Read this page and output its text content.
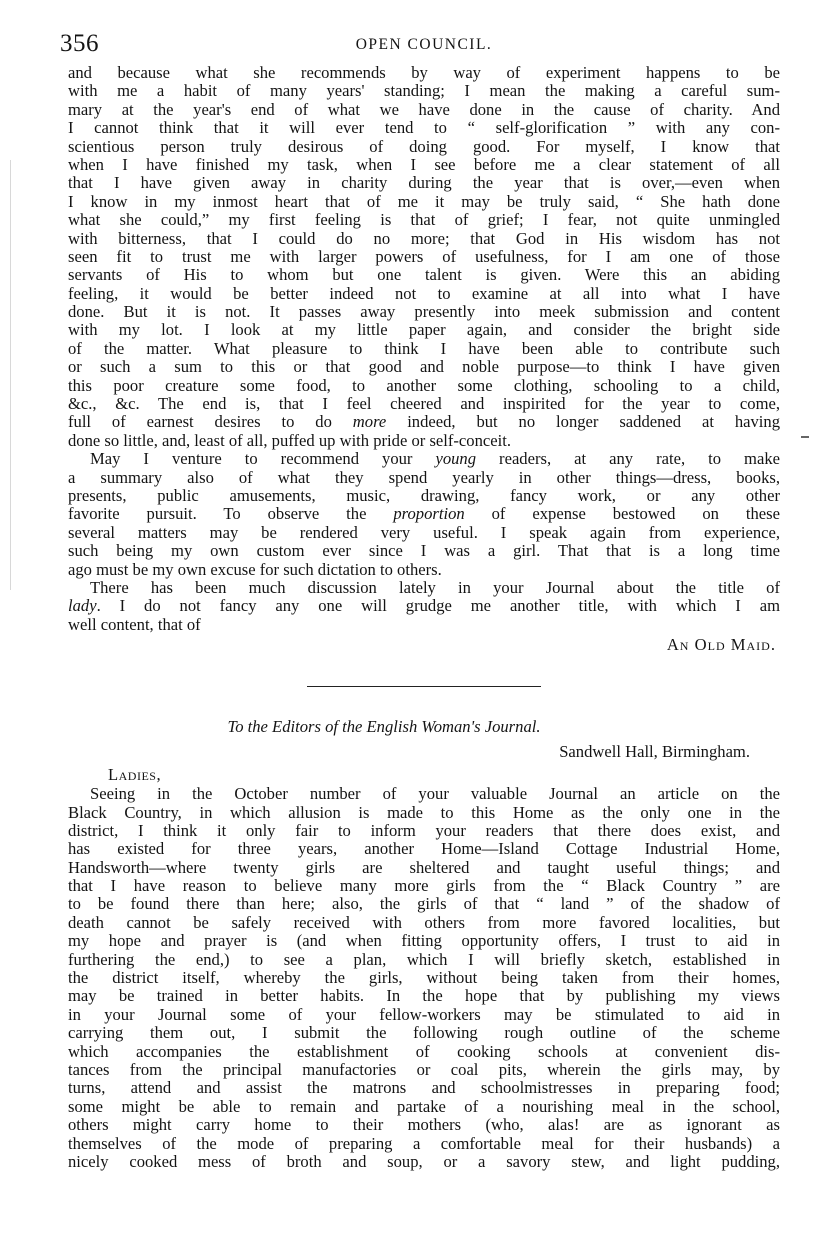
356	OPEN COUNCIL.

and because what she recommends by way of experiment happens to be
with me a habit of many years' standing; I mean the making a careful sum-
mary at the year's end of what we have done in the cause of charity. And
I cannot think that it will ever tend to “ self-glorification ” with any con-
scientious person truly desirous of doing good. For myself, I know that
when I have finished my task, when I see before me a clear statement of all
that I have given away in charity during the year that is over,—even when
I know in my inmost heart that of me it may be truly said, “ She hath done
what she could,” my first feeling is that of grief; I fear, not quite unmingled
with bitterness, that I could do no more; that God in His wisdom has not
seen fit to trust me with larger powers of usefulness, for I am one of those
servants of His to whom but one talent is given. Were this an abiding
feeling, it would be better indeed not to examine at all into what I have
done. But it is not. It passes away presently into meek submission and content
with my lot. I look at my little paper again, and consider the bright side
of the matter. What pleasure to think I have been able to contribute such
or such a sum to this or that good and noble purpose—to think I have given
this poor creature some food, to another some clothing, schooling to a child,
&c., &c. The end is, that I feel cheered and inspirited for the year to come,
full of earnest desires to do more indeed, but no longer saddened at having
done so little, and, least of all, puffed up with pride or self-conceit.

May I venture to recommend your young readers, at any rate, to make
a summary also of what they spend yearly in other things—dress, books,
presents, public amusements, music, drawing, fancy work, or any other
favorite pursuit. To observe the proportion of expense bestowed on these
several matters may be rendered very useful. I speak again from experience,
such being my own custom ever since I was a girl. That that is a long time
ago must be my own excuse for such dictation to others.

There has been much discussion lately in your Journal about the title of
lady. I do not fancy any one will grudge me another title, with which I am
well content, that of

An Old Maid.
To the Editors of the English Woman's Journal.
Sandwell Hall, Birmingham.
Ladies,

Seeing in the October number of your valuable Journal an article on the
Black Country, in which allusion is made to this Home as the only one in the
district, I think it only fair to inform your readers that there does exist, and
has existed for three years, another Home—Island Cottage Industrial Home,
Handsworth—where twenty girls are sheltered and taught useful things; and
that I have reason to believe many more girls from the “ Black Country ” are
to be found there than here; also, the girls of that “ land ” of the shadow of
death cannot be safely received with others from more favored localities, but
my hope and prayer is (and when fitting opportunity offers, I trust to aid in
furthering the end,) to see a plan, which I will briefly sketch, established in
the district itself, whereby the girls, without being taken from their homes,
may be trained in better habits. In the hope that by publishing my views
in your Journal some of your fellow-workers may be stimulated to aid in
carrying them out, I submit the following rough outline of the scheme
which accompanies the establishment of cooking schools at convenient dis-
tances from the principal manufactories or coal pits, wherein the girls may, by
turns, attend and assist the matrons and schoolmistresses in preparing food;
some might be able to remain and partake of a nourishing meal in the school,
others might carry home to their mothers (who, alas! are as ignorant as
themselves of the mode of preparing a comfortable meal for their husbands) a
nicely cooked mess of broth and soup, or a savory stew, and light pudding,
